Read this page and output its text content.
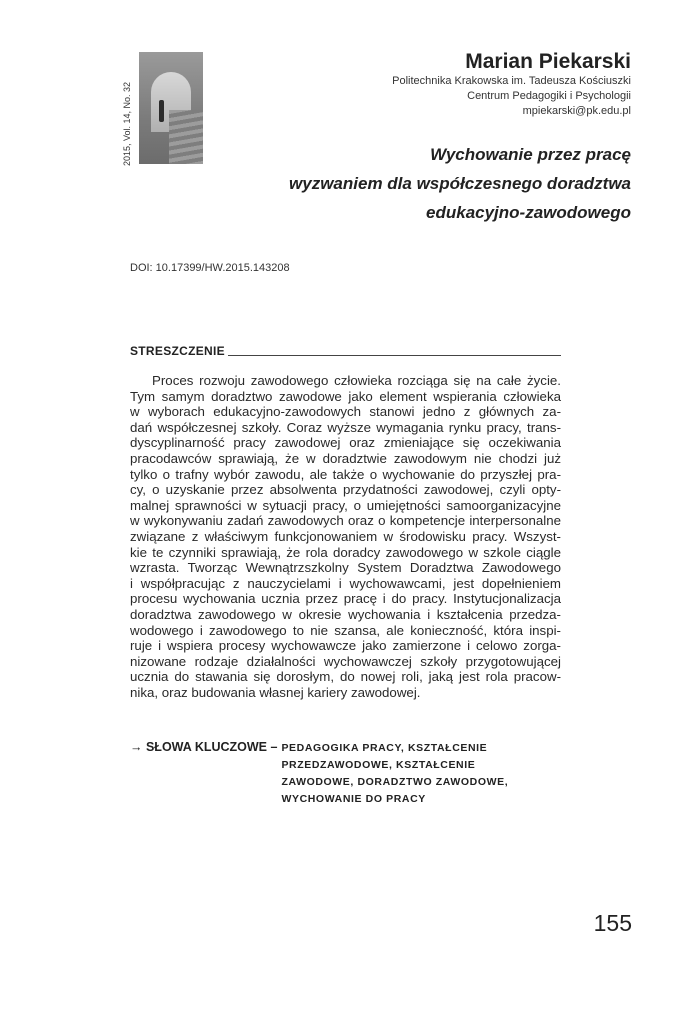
2015, Vol. 14, No. 32
Marian Piekarski
Politechnika Krakowska im. Tadeusza Kościuszki
Centrum Pedagogiki i Psychologii
mpiekarski@pk.edu.pl
Wychowanie przez pracę
wyzwaniem dla współczesnego doradztwa
edukacyjno-zawodowego
DOI: 10.17399/HW.2015.143208
STRESZCZENIE
Proces rozwoju zawodowego człowieka rozciąga się na całe życie.
Tym samym doradztwo zawodowe jako element wspierania człowieka
w wyborach edukacyjno-zawodowych stanowi jedno z głównych za-
dań współczesnej szkoły. Coraz wyższe wymagania rynku pracy, trans-
dyscyplinarność pracy zawodowej oraz zmieniające się oczekiwania
pracodawców sprawiają, że w doradztwie zawodowym nie chodzi już
tylko o trafny wybór zawodu, ale także o wychowanie do przyszłej pra-
cy, o uzyskanie przez absolwenta przydatności zawodowej, czyli opty-
malnej sprawności w sytuacji pracy, o umiejętności samoorganizacyjne
w wykonywaniu zadań zawodowych oraz o kompetencje interpersonalne
związane z właściwym funkcjonowaniem w środowisku pracy. Wszyst-
kie te czynniki sprawiają, że rola doradcy zawodowego w szkole ciągle
wzrasta. Tworząc Wewnątrzszkolny System Doradztwa Zawodowego
i współpracując z nauczycielami i wychowawcami, jest dopełnieniem
procesu wychowania ucznia przez pracę i do pracy. Instytucjonalizacja
doradztwa zawodowego w okresie wychowania i kształcenia przedza-
wodowego i zawodowego to nie szansa, ale konieczność, która inspi-
ruje i wspiera procesy wychowawcze jako zamierzone i celowo zorga-
nizowane rodzaje działalności wychowawczej szkoły przygotowującej
ucznia do stawania się dorosłym, do nowej roli, jaką jest rola pracow-
nika, oraz budowania własnej kariery zawodowej.
→ SŁOWA KLUCZOWE – PEDAGOGIKA PRACY, KSZTAŁCENIE
PRZEDZAWODOWE, KSZTAŁCENIE
ZAWODOWE, DORADZTWO ZAWODOWE,
WYCHOWANIE DO PRACY
155
